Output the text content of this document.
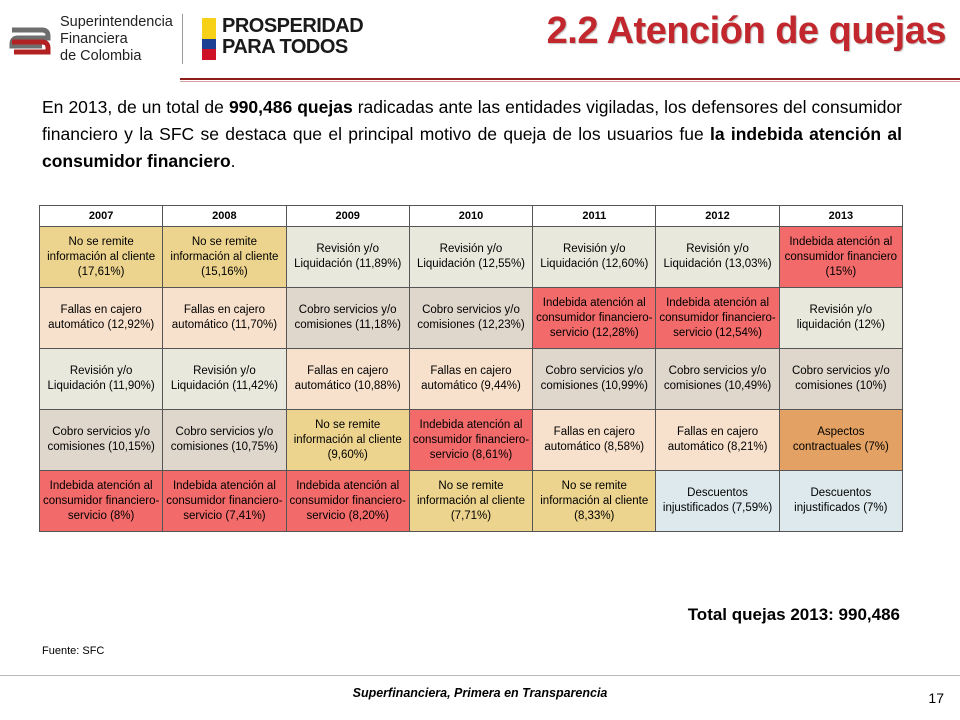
Superintendencia
Financiera
de Colombia
PROSPERIDAD
PARA TODOS	2.2 Atención de quejas
En 2013, de un total de 990,486 quejas radicadas ante las entidades vigiladas, los defensores del consumidor financiero y la SFC se destaca que el principal motivo de queja de los usuarios fue la indebida atención al consumidor financiero.
2007	2008	2009	2010	2011	2012	2013
No se remite información al cliente (17,61%)	No se remite información al cliente (15,16%)	Revisión y/o Liquidación (11,89%)	Revisión y/o Liquidación (12,55%)	Revisión y/o Liquidación (12,60%)	Revisión y/o Liquidación (13,03%)	Indebida atención al consumidor financiero (15%)
Fallas en cajero automático (12,92%)	Fallas en cajero automático (11,70%)	Cobro servicios y/o comisiones (11,18%)	Cobro servicios y/o comisiones (12,23%)	Indebida atención al consumidor financiero-servicio (12,28%)	Indebida atención al consumidor financiero-servicio (12,54%)	Revisión y/o liquidación (12%)
Revisión y/o Liquidación (11,90%)	Revisión y/o Liquidación (11,42%)	Fallas en cajero automático (10,88%)	Fallas en cajero automático (9,44%)	Cobro servicios y/o comisiones (10,99%)	Cobro servicios y/o comisiones (10,49%)	Cobro servicios y/o comisiones (10%)
Cobro servicios y/o comisiones (10,15%)	Cobro servicios y/o comisiones (10,75%)	No se remite información al cliente (9,60%)	Indebida atención al consumidor financiero-servicio (8,61%)	Fallas en cajero automático (8,58%)	Fallas en cajero automático (8,21%)	Aspectos contractuales (7%)
Indebida atención al consumidor financiero-servicio (8%)	Indebida atención al consumidor financiero-servicio (7,41%)	Indebida atención al consumidor financiero-servicio (8,20%)	No se remite información al cliente (7,71%)	No se remite información al cliente (8,33%)	Descuentos injustificados (7,59%)	Descuentos injustificados (7%)
Total quejas 2013: 990,486
Fuente: SFC
Superfinanciera, Primera en Transparencia	17
